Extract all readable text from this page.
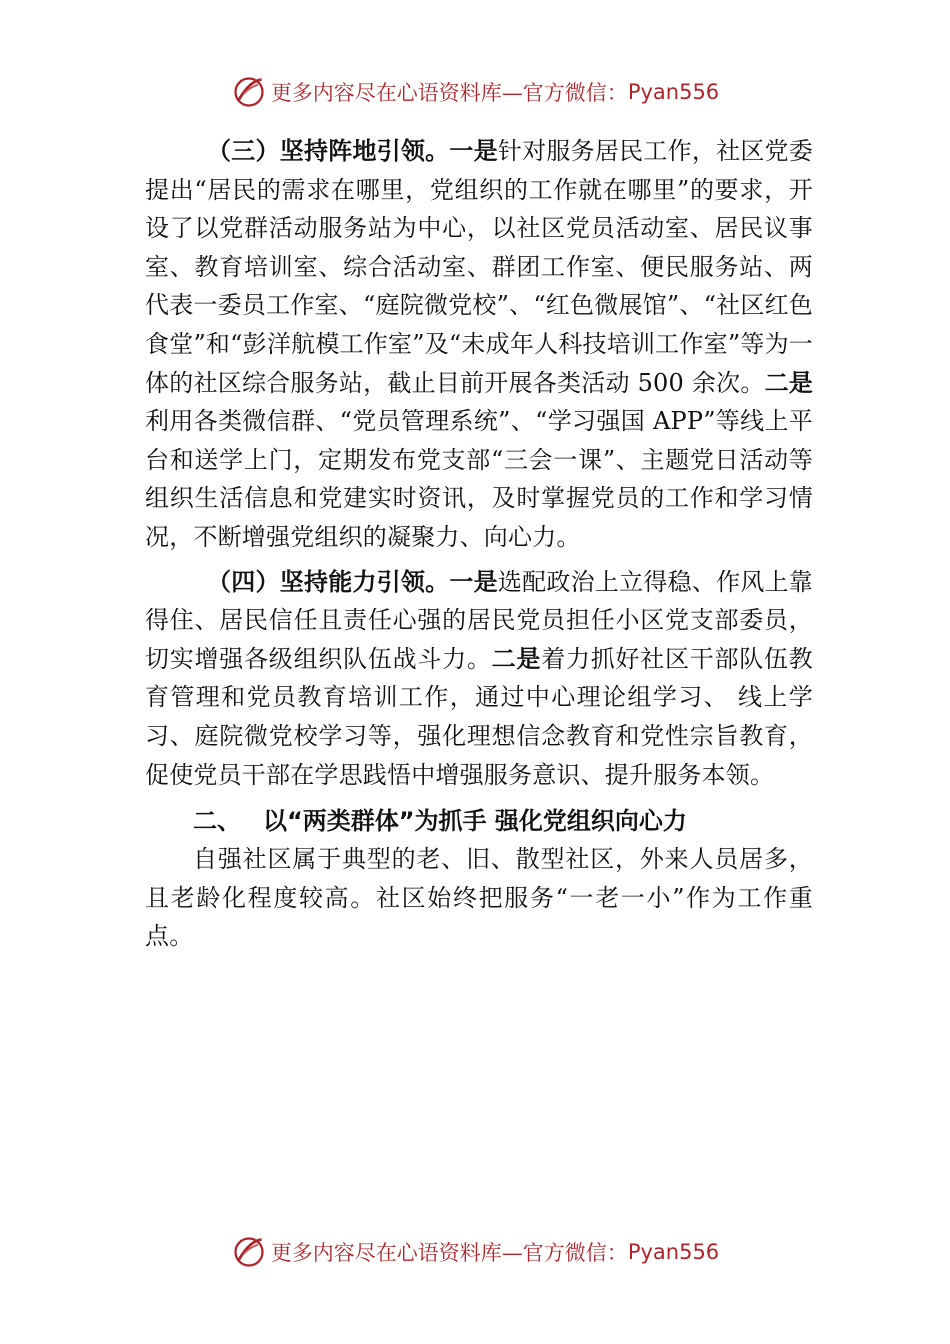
更多内容尽在心语资料库—官方微信： Pyan556

（三）坚持阵地引领。一是针对服务居民工作，社区党委提出“居民的需求在哪里，党组织的工作就在哪里”的要求，开设了以党群活动服务站为中心，以社区党员活动室、居民议事室、教育培训室、综合活动室、群团工作室、便民服务站、两代表一委员工作室、“庭院微党校”、“红色微展馆”、“社区红色食堂”和“彭洋航模工作室”及“未成年人科技培训工作室”等为一体的社区综合服务站，截止目前开展各类活动 500 余次。二是利用各类微信群、“党员管理系统”、“学习强国 APP”等线上平台和送学上门，定期发布党支部“三会一课”、主题党日活动等组织生活信息和党建实时资讯，及时掌握党员的工作和学习情况，不断增强党组织的凝聚力、向心力。

（四）坚持能力引领。一是选配政治上立得稳、作风上靠得住、居民信任且责任心强的居民党员担任小区党支部委员，切实增强各级组织队伍战斗力。二是着力抓好社区干部队伍教育管理和党员教育培训工作，通过中心理论组学习、 线上学习、庭院微党校学习等，强化理想信念教育和党性宗旨教育，促使党员干部在学思践悟中增强服务意识、提升服务本领。

二、 以“两类群体”为抓手 强化党组织向心力

自强社区属于典型的老、旧、散型社区，外来人员居多，且老龄化程度较高。社区始终把服务“一老一小”作为工作重点。

更多内容尽在心语资料库—官方微信： Pyan556
